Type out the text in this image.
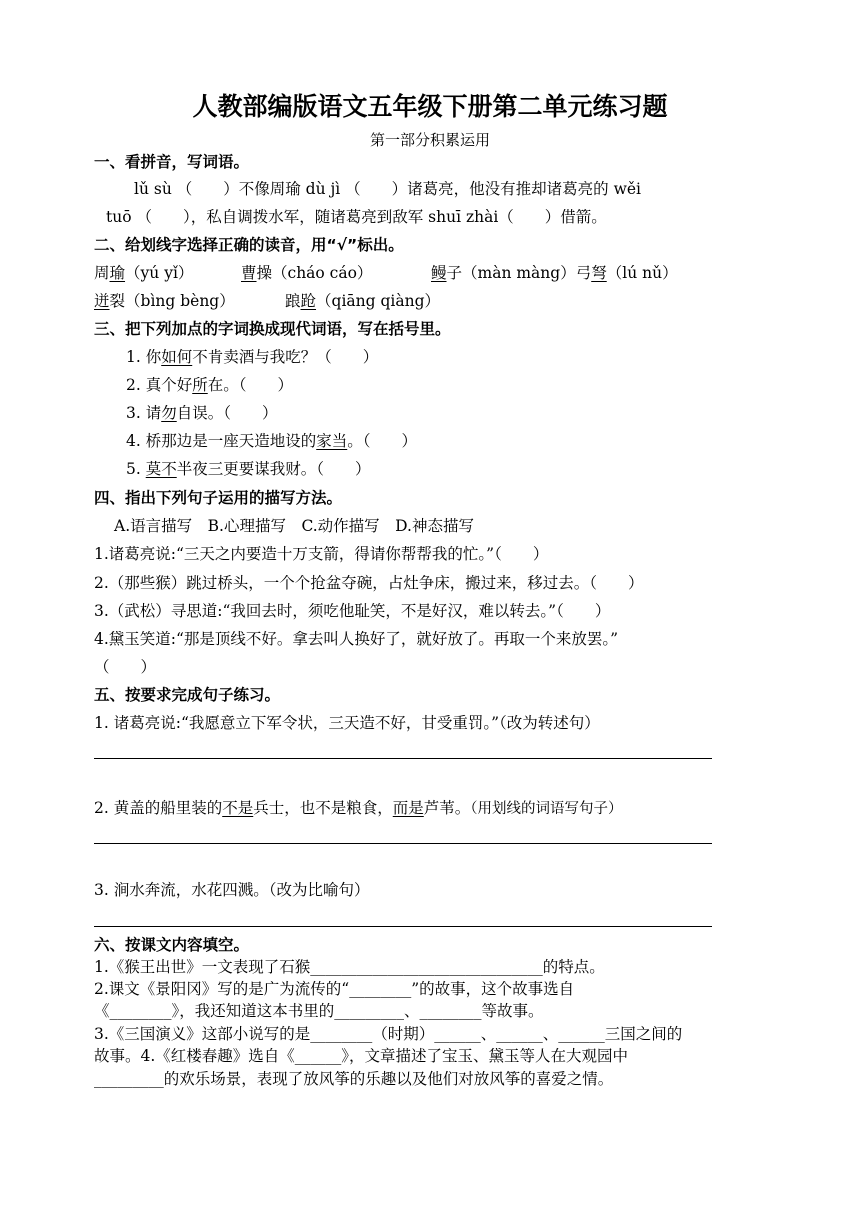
人教部编版语文五年级下册第二单元练习题
第一部分积累运用
一、看拼音，写词语。
lǔ sù （　　）不像周瑜 dù jì （　　）诸葛亮，他没有推却诸葛亮的 wěi
tuō （　　），私自调拨水军，随诸葛亮到敌军 shuī zhài（　　）借箭。
二、给划线字选择正确的读音，用“√”标出。
周瑜（yú yǐ）	曹操（cháo cáo）	鳗子（màn màng）弓弩（lú nǔ）
迸裂（bìng bèng）	踉跄（qiāng qiàng）
三、把下列加点的字词换成现代词语，写在括号里。
1. 你如何不肯卖酒与我吃？（　　）
2. 真个好所在。（　　）
3. 请勿自误。（　　）
4. 桥那边是一座天造地设的家当。（　　）
5. 莫不半夜三更要谋我财。（　　）
四、指出下列句子运用的描写方法。
A.语言描写　B.心理描写　C.动作描写　D.神态描写
1.诸葛亮说:“三天之内要造十万支箭，得请你帮帮我的忙。”（　　）
2.（那些猴）跳过桥头，一个个抢盆夺碗，占灶争床，搬过来，移过去。（　　）
3.（武松）寻思道:“我回去时，须吃他耻笑，不是好汉，难以转去。”（　　）
4.黛玉笑道:“那是顶线不好。拿去叫人换好了，就好放了。再取一个来放罢。”
（　　）
五、按要求完成句子练习。
1. 诸葛亮说:“我愿意立下军令状，三天造不好，甘受重罚。”（改为转述句）
2. 黄盖的船里装的不是兵士，也不是粮食，而是芦苇。（用划线的词语写句子）
3. 涧水奔流，水花四溅。（改为比喻句）
六、按课文内容填空。
1.《猴王出世》一文表现了石猴______________________________的特点。
2.课文《景阳冈》写的是广为流传的“________”的故事，这个故事选自
《________》，我还知道这本书里的_________、________等故事。
3.《三国演义》这部小说写的是________（时期）______、______、______三国之间的
故事。4.《红楼春趣》选自《______》，文章描述了宝玉、黛玉等人在大观园中
_________的欢乐场景，表现了放风筝的乐趣以及他们对放风筝的喜爱之情。
